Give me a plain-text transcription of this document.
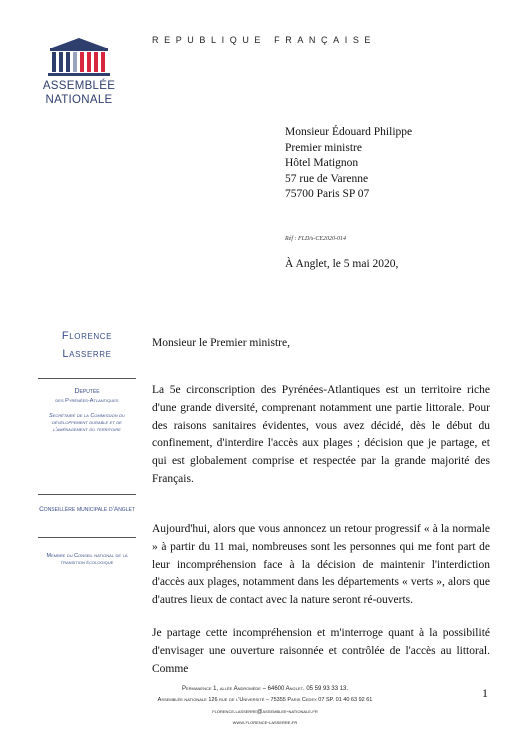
ASSEMBLÉE
NATIONALE
REPUBLIQUE FRANÇAISE
Monsieur Édouard Philippe
Premier ministre
Hôtel Matignon
57 rue de Varenne
75700 Paris SP 07
Réf : FLD/s-CE2020-014
À Anglet, le 5 mai 2020,
Florence
Lasserre
Deputée
des Pyrénées-Atlantiques
Secrétaire de la Commission du développement durable et de l'aménagement du territoire
Conseillère municipale d'Anglet
Membre du Conseil national de la transition écologique
Monsieur le Premier ministre,
La 5e circonscription des Pyrénées-Atlantiques est un territoire riche d'une grande diversité, comprenant notamment une partie littorale. Pour des raisons sanitaires évidentes, vous avez décidé, dès le début du confinement, d'interdire l'accès aux plages ; décision que je partage, et qui est globalement comprise et respectée par la grande majorité des Français.
Aujourd'hui, alors que vous annoncez un retour progressif « à la normale » à partir du 11 mai, nombreuses sont les personnes qui me font part de leur incompréhension face à la décision de maintenir l'interdiction d'accès aux plages, notamment dans les départements « verts », alors que d'autres lieux de contact avec la nature seront ré-ouverts.
Je partage cette incompréhension et m'interroge quant à la possibilité d'envisager une ouverture raisonnée et contrôlée de l'accès au littoral. Comme
Permanence 1, allée Andromède – 64600 Anglet. 05 59 93 33 13.
Assemblée nationale 126 rue de l'Université – 75355 Paris Cedex 07 SP. 01 40 63 92 61
florence.lasserre@assemblee-nationale.fr
www.florence-lasserre.fr
1
